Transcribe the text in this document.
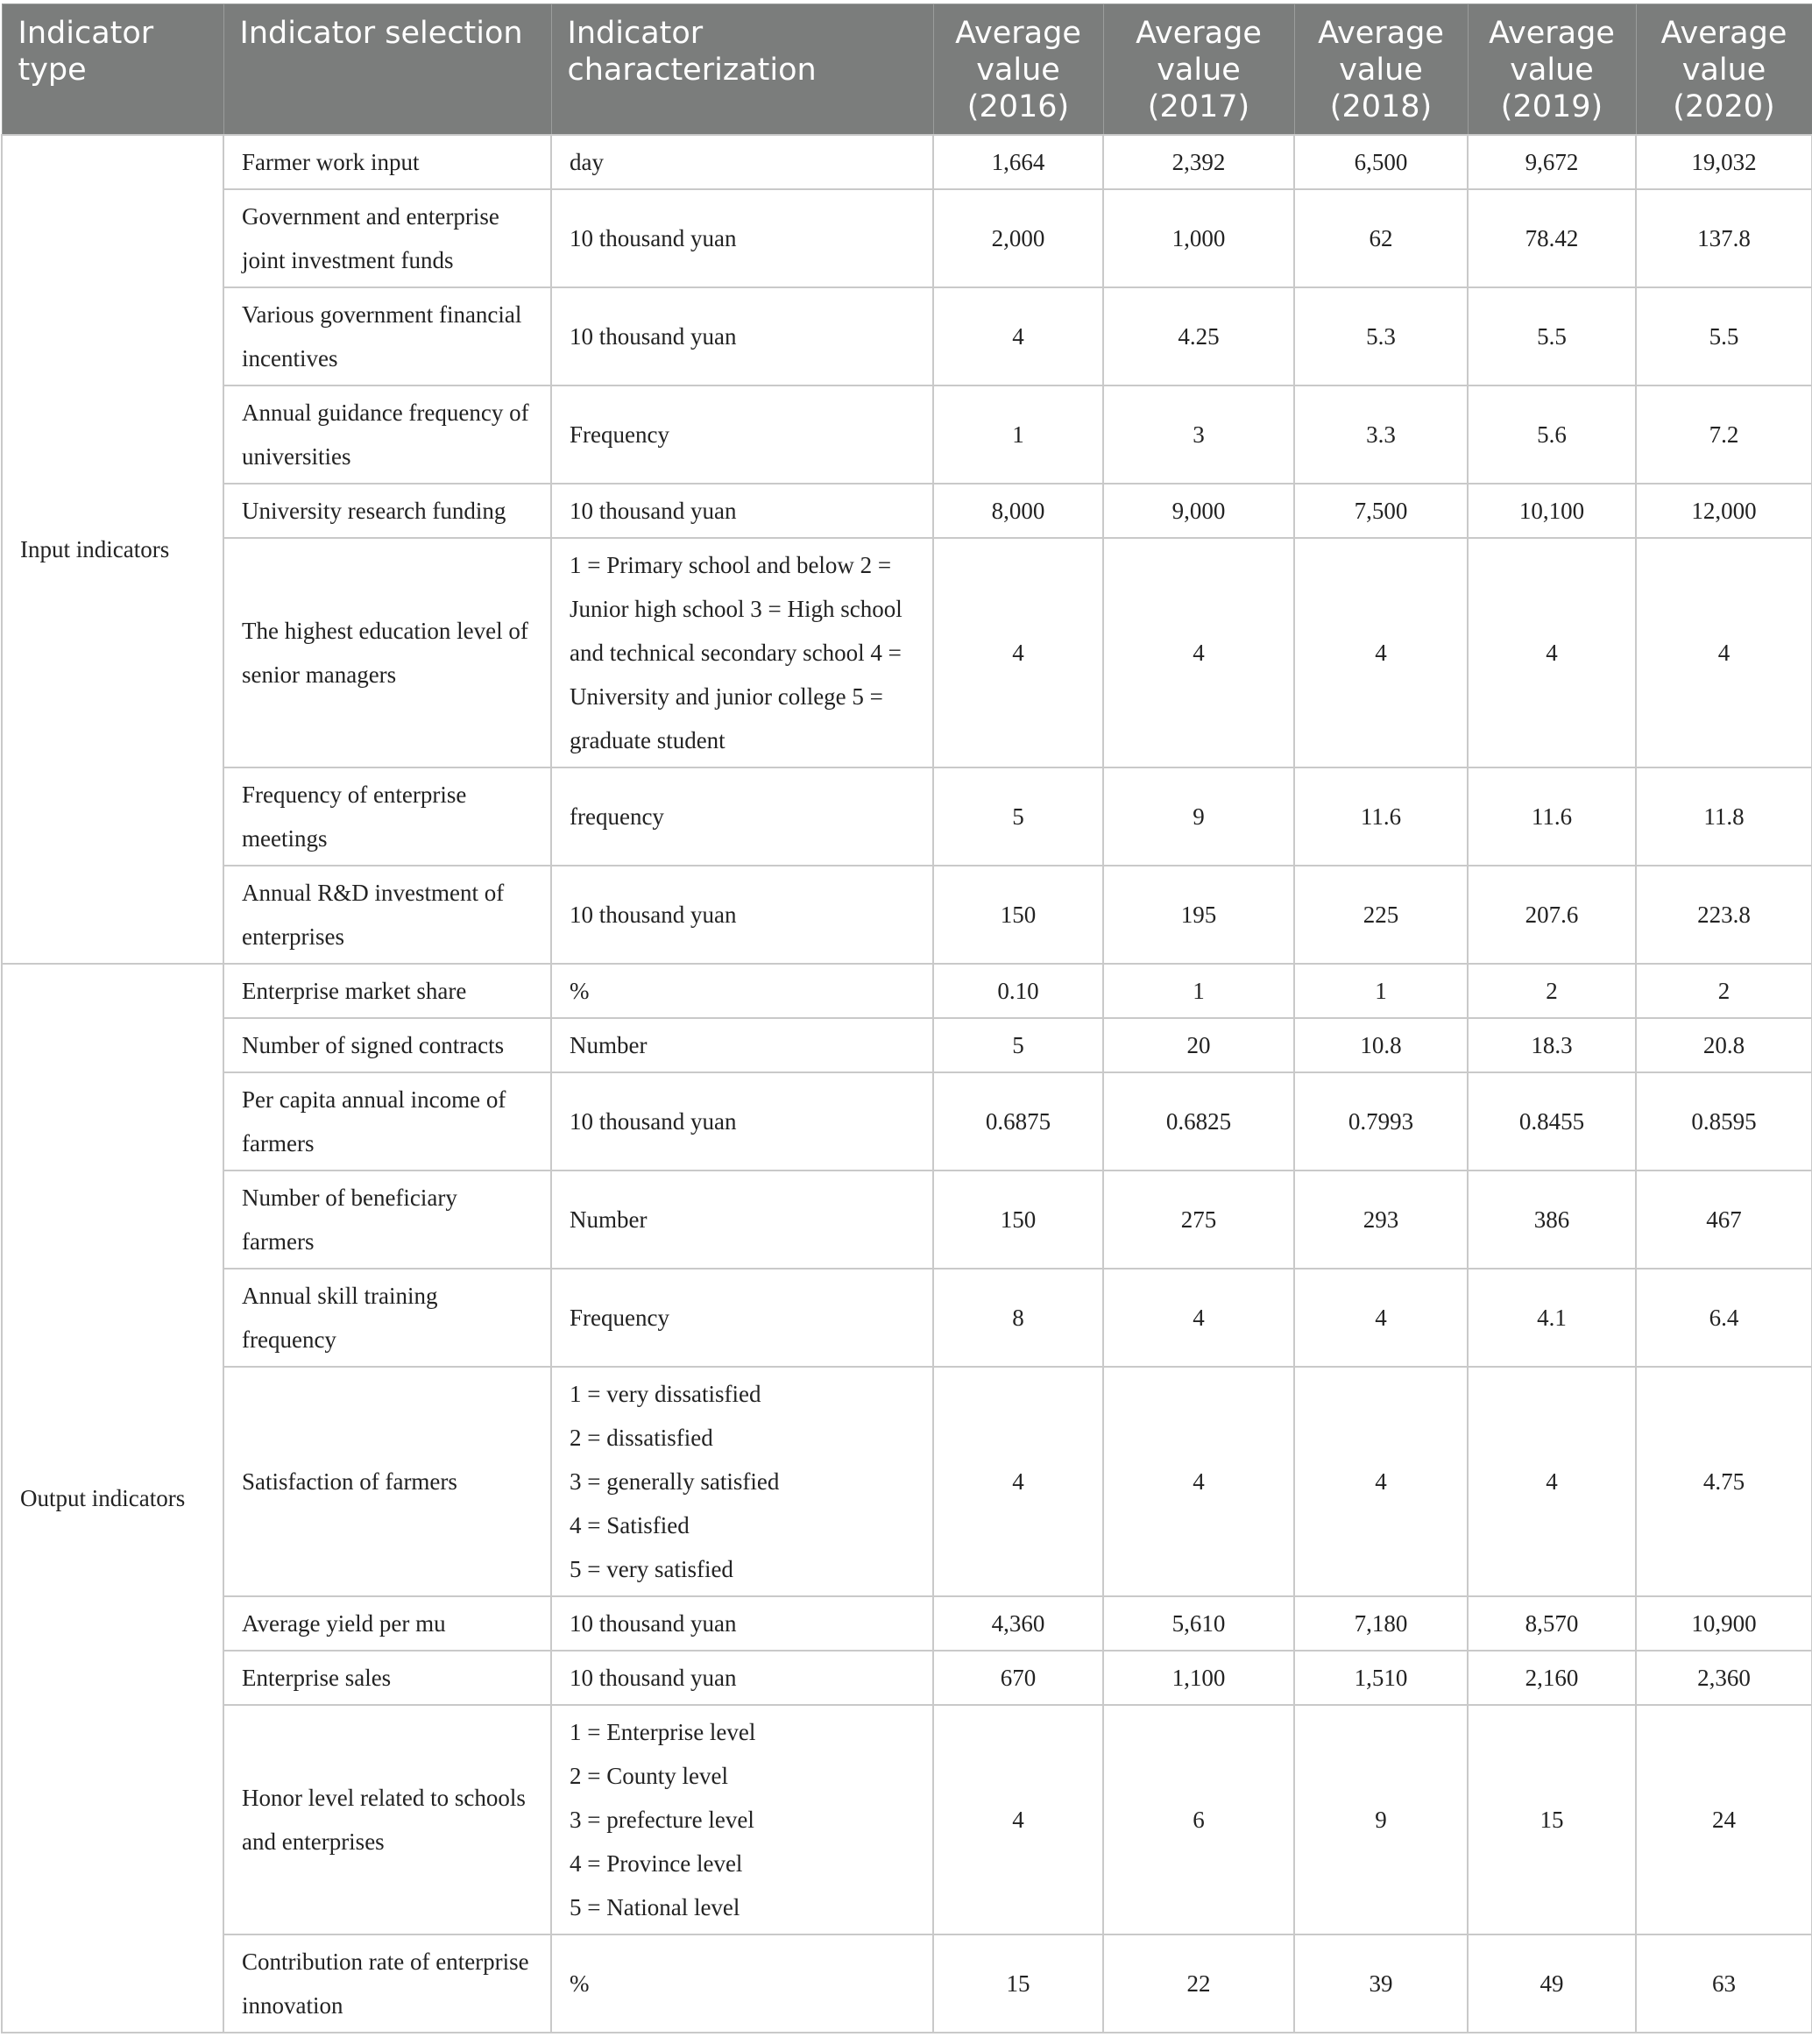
Indicator type	Indicator selection	Indicator characterization	Average value (2016)	Average value (2017)	Average value (2018)	Average value (2019)	Average value (2020)
Input indicators	Farmer work input	day	1,664	2,392	6,500	9,672	19,032
	Government and enterprise joint investment funds	10 thousand yuan	2,000	1,000	62	78.42	137.8
	Various government financial incentives	10 thousand yuan	4	4.25	5.3	5.5	5.5
	Annual guidance frequency of universities	Frequency	1	3	3.3	5.6	7.2
	University research funding	10 thousand yuan	8,000	9,000	7,500	10,100	12,000
	The highest education level of senior managers	1 = Primary school and below 2 = Junior high school 3 = High school and technical secondary school 4 = University and junior college 5 = graduate student	4	4	4	4	4
	Frequency of enterprise meetings	frequency	5	9	11.6	11.6	11.8
	Annual R&D investment of enterprises	10 thousand yuan	150	195	225	207.6	223.8
Output indicators	Enterprise market share	%	0.10	1	1	2	2
	Number of signed contracts	Number	5	20	10.8	18.3	20.8
	Per capita annual income of farmers	10 thousand yuan	0.6875	0.6825	0.7993	0.8455	0.8595
	Number of beneficiary farmers	Number	150	275	293	386	467
	Annual skill training frequency	Frequency	8	4	4	4.1	6.4
	Satisfaction of farmers	1 = very dissatisfied
2 = dissatisfied
3 = generally satisfied
4 = Satisfied
5 = very satisfied	4	4	4	4	4.75
	Average yield per mu	10 thousand yuan	4,360	5,610	7,180	8,570	10,900
	Enterprise sales	10 thousand yuan	670	1,100	1,510	2,160	2,360
	Honor level related to schools and enterprises	1 = Enterprise level
2 = County level
3 = prefecture level
4 = Province level
5 = National level	4	6	9	15	24
	Contribution rate of enterprise innovation	%	15	22	39	49	63
